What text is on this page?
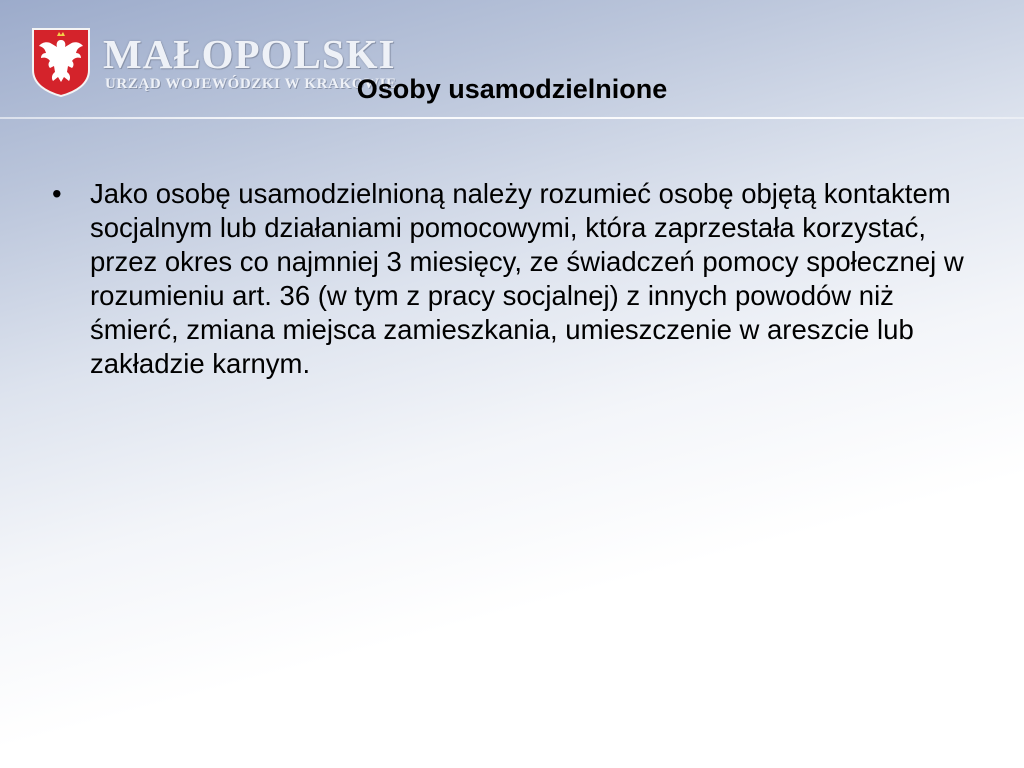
MAŁOPOLSKI
URZĄD WOJEWÓDZKI W KRAKOWIE
Osoby usamodzielnione
• Jako osobę usamodzielnioną należy rozumieć osobę objętą kontaktem socjalnym lub działaniami pomocowymi, która zaprzestała korzystać, przez okres co najmniej 3 miesięcy, ze świadczeń pomocy społecznej w rozumieniu art. 36 (w tym z pracy socjalnej) z innych powodów niż śmierć, zmiana miejsca zamieszkania, umieszczenie w areszcie lub zakładzie karnym.
